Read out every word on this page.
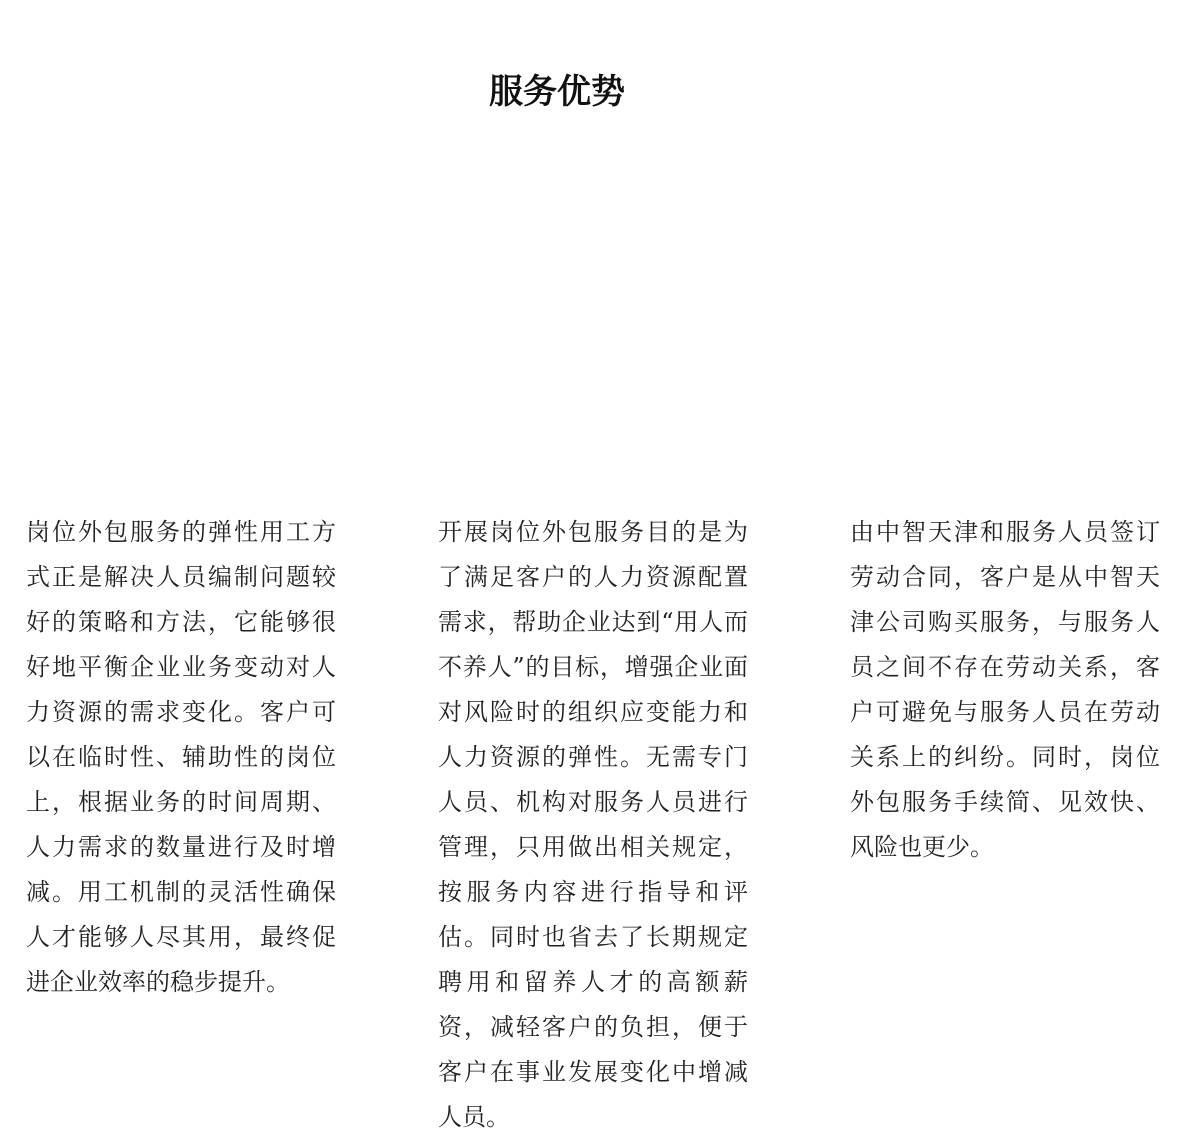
服务优势

岗位外包服务的弹性用工方式正是解决人员编制问题较好的策略和方法，它能够很好地平衡企业业务变动对人力资源的需求变化。客户可以在临时性、辅助性的岗位上，根据业务的时间周期、人力需求的数量进行及时增减。用工机制的灵活性确保人才能够人尽其用，最终促进企业效率的稳步提升。

开展岗位外包服务目的是为了满足客户的人力资源配置需求，帮助企业达到“用人而不养人”的目标，增强企业面对风险时的组织应变能力和人力资源的弹性。无需专门人员、机构对服务人员进行管理，只用做出相关规定，按服务内容进行指导和评估。同时也省去了长期规定聘用和留养人才的高额薪资，减轻客户的负担，便于客户在事业发展变化中增减人员。

由中智天津和服务人员签订劳动合同，客户是从中智天津公司购买服务，与服务人员之间不存在劳动关系，客户可避免与服务人员在劳动关系上的纠纷。同时，岗位外包服务手续简、见效快、风险也更少。
